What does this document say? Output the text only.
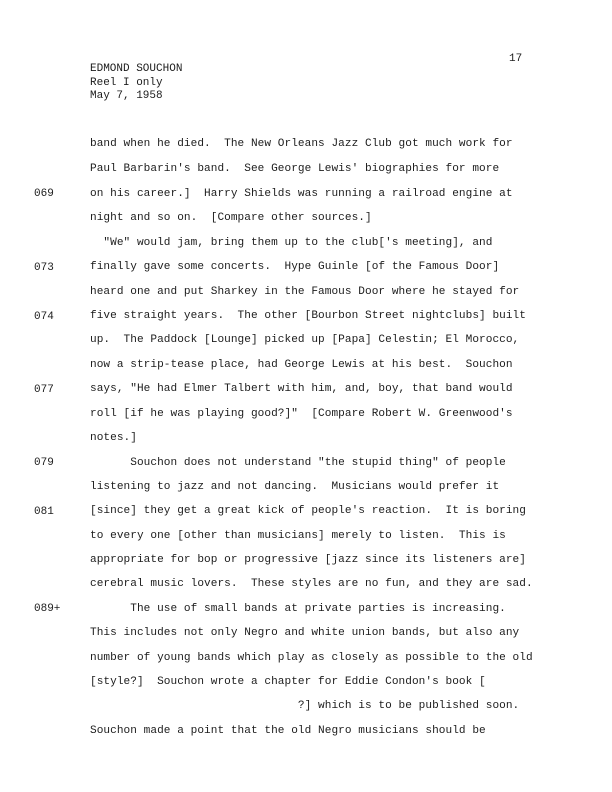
EDMOND SOUCHON
Reel I only
May 7, 1958
17
069
073
074
077
079
081
089+
band when he died.  The New Orleans Jazz Club got much work for
Paul Barbarin's band.  See George Lewis' biographies for more
on his career.]  Harry Shields was running a railroad engine at
night and so on.  [Compare other sources.]
"We" would jam, bring them up to the club['s meeting], and
finally gave some concerts.  Hype Guinle [of the Famous Door]
heard one and put Sharkey in the Famous Door where he stayed for
five straight years.  The other [Bourbon Street nightclubs] built
up.  The Paddock [Lounge] picked up [Papa] Celestin; El Morocco,
now a strip-tease place, had George Lewis at his best.  Souchon
says, "He had Elmer Talbert with him, and, boy, that band would
roll [if he was playing good?]"  [Compare Robert W. Greenwood's
notes.]
Souchon does not understand "the stupid thing" of people
listening to jazz and not dancing.  Musicians would prefer it
[since] they get a great kick of people's reaction.  It is boring
to every one [other than musicians] merely to listen.  This is
appropriate for bop or progressive [jazz since its listeners are]
cerebral music lovers.  These styles are no fun, and they are sad.
The use of small bands at private parties is increasing.
This includes not only Negro and white union bands, but also any
number of young bands which play as closely as possible to the old
[style?]  Souchon wrote a chapter for Eddie Condon's book [
?] which is to be published soon.
Souchon made a point that the old Negro musicians should be
